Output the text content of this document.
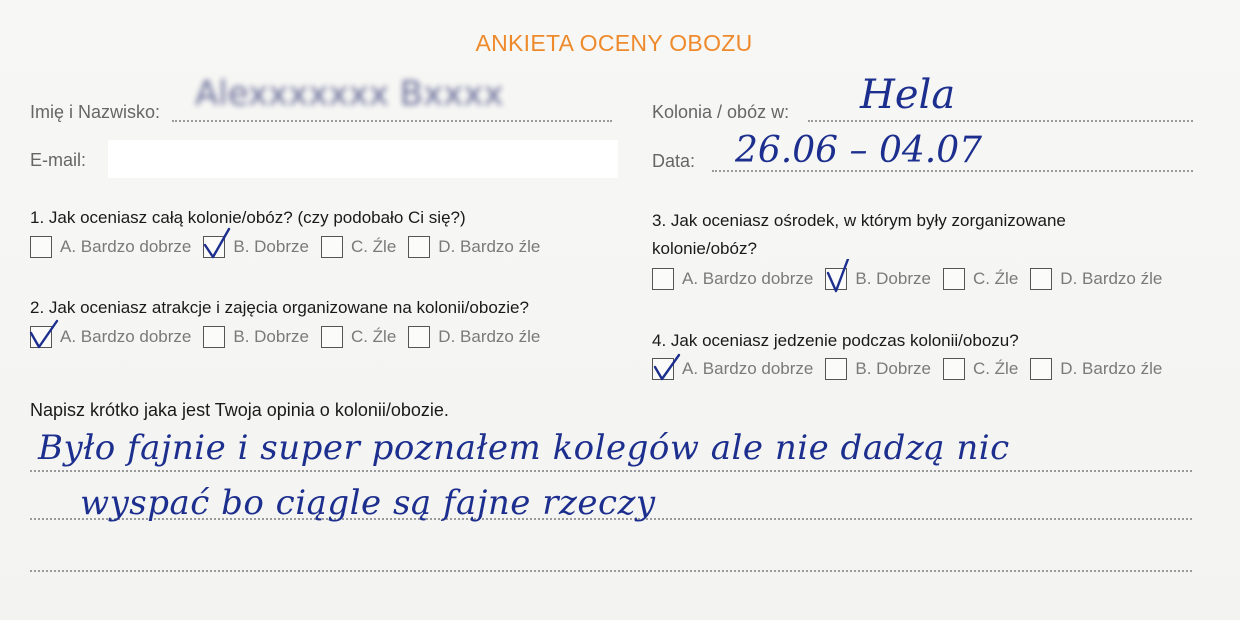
ANKIETA OCENY OBOZU
Imię i Nazwisko: Alexxxxxxx Bxxxx
E-mail:
Kolonia / obóz w: Hela
Data: 26.06 – 04.07
1. Jak oceniasz całą kolonie/obóz? (czy podobało Ci się?)
A. Bardzo dobrze B. Dobrze C. Źle D. Bardzo źle
2. Jak oceniasz atrakcje i zajęcia organizowane na kolonii/obozie?
A. Bardzo dobrze B. Dobrze C. Źle D. Bardzo źle
3. Jak oceniasz ośrodek, w którym były zorganizowane
kolonie/obóz?
A. Bardzo dobrze B. Dobrze C. Źle D. Bardzo źle
4. Jak oceniasz jedzenie podczas kolonii/obozu?
A. Bardzo dobrze B. Dobrze C. Źle D. Bardzo źle
Napisz krótko jaka jest Twoja opinia o kolonii/obozie.
Było fajnie i super poznałem kolegów ale nie dadzą nic
wyspać bo ciągle są fajne rzeczy
